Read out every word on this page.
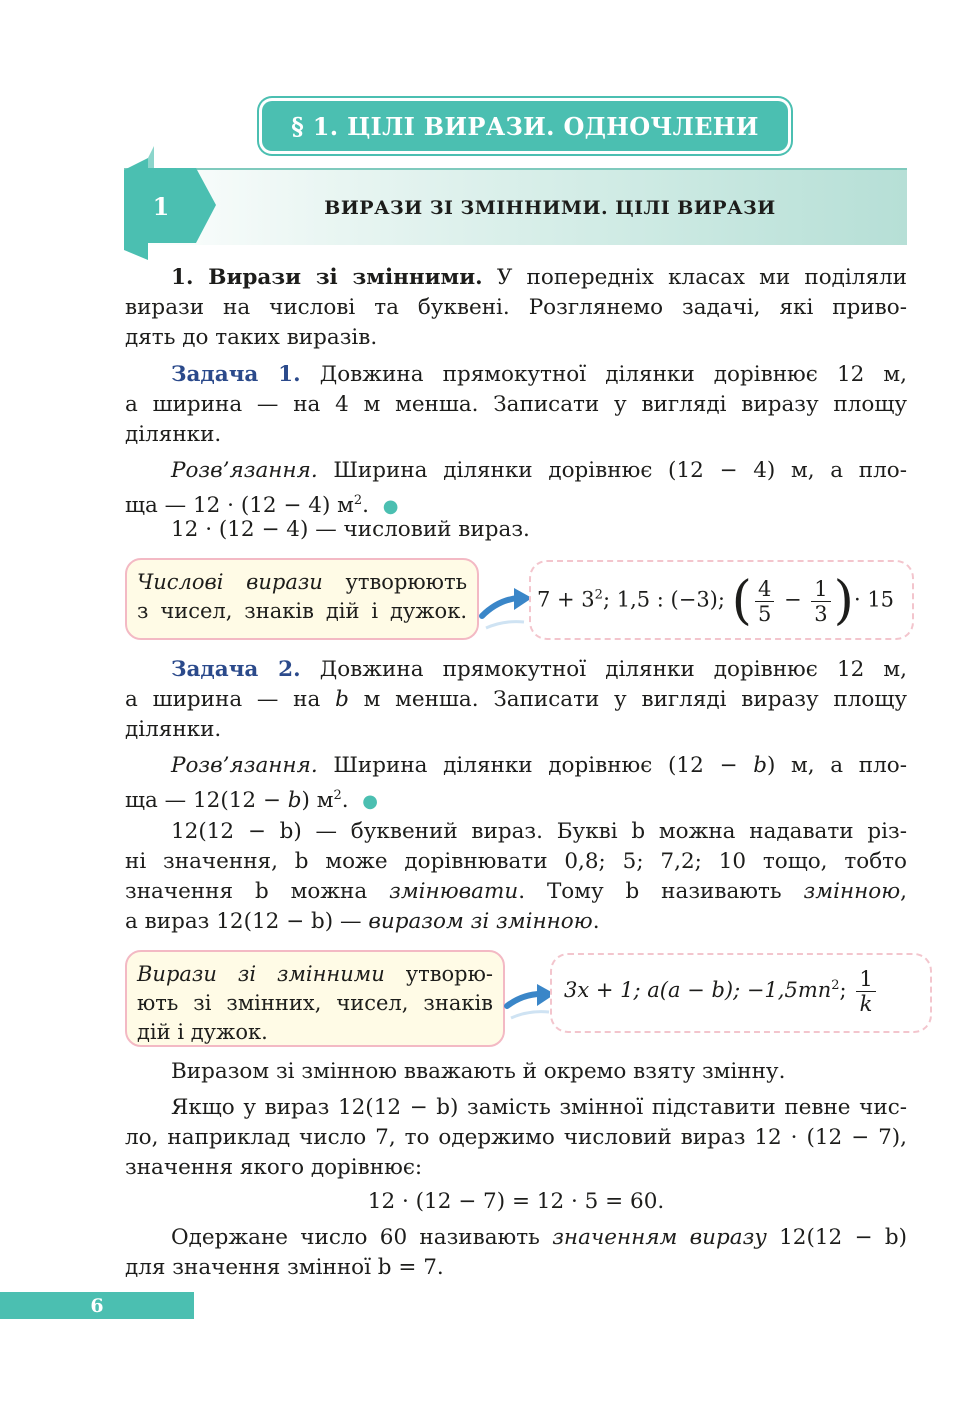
§ 1. ЦІЛІ ВИРАЗИ. ОДНОЧЛЕНИ
1	ВИРАЗИ ЗІ ЗМІННИМИ. ЦІЛІ ВИРАЗИ
1. Вирази зі змінними. У попередніх класах ми поділяли
вирази на числові та буквені. Розглянемо задачі, які приво-
дять до таких виразів.
Задача 1. Довжина прямокутної ділянки дорівнює 12 м,
а ширина — на 4 м менша. Записати у вигляді виразу площу
ділянки.
Розв’язання. Ширина ділянки дорівнює (12 − 4) м, а пло-
ща — 12 · (12 − 4) $м^2$. ●
12 · (12 − 4) — числовий вираз.
Числові вирази утворюють
з чисел, знаків дій і дужок.	$7 + 3^2$; 1,5 : (−3); ( $\frac{4}{5} - \frac{1}{3}$ )· 15
Задача 2. Довжина прямокутної ділянки дорівнює 12 м,
а ширина — на b м менша. Записати у вигляді виразу площу
ділянки.
Розв’язання. Ширина ділянки дорівнює (12 − b) м, а пло-
ща — 12(12 − b) $м^2$. ●
12(12 − b) — буквений вираз. Букві b можна надавати різ-
ні значення, b може дорівнювати 0,8; 5; 7,2; 10 тощо, тобто
значення b можна змінювати. Тому b називають змінною,
а вираз 12(12 − b) — виразом зі змінною.
Вирази зі змінними утворю-
ють зі змінних, чисел, знаків
дій і дужок.
3x + 1; a(a − b); $-1,5mn^2$; $\frac{1}{k}$
Виразом зі змінною вважають й окремо взяту змінну.
Якщо у вираз 12(12 − b) замість змінної підставити певне чис-
ло, наприклад число 7, то одержимо числовий вираз 12 · (12 − 7),
значення якого дорівнює:
12 · (12 − 7) = 12 · 5 = 60.
Одержане число 60 називають значенням виразу 12(12 − b)
для значення змінної b = 7.
6
